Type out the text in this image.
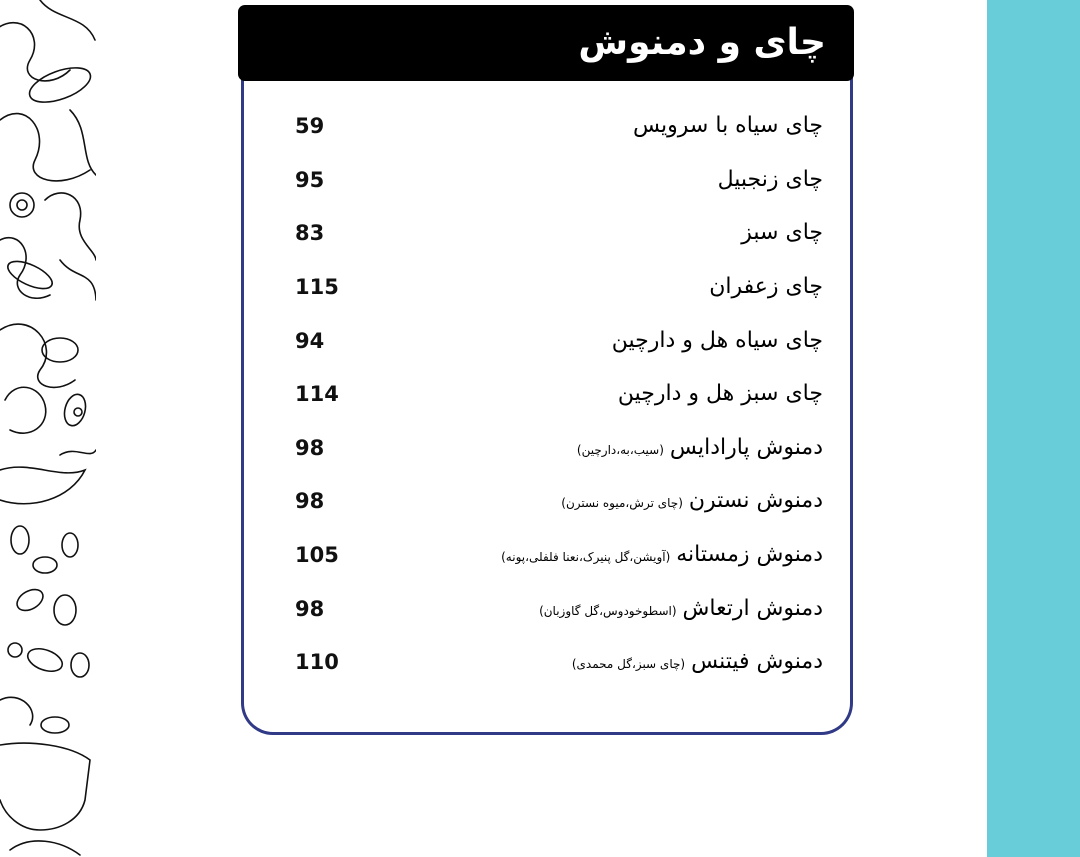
چای سیاه با سرویس
59
چای زنجبیل
95
چای سبز
83
چای زعفران
115
چای سیاه هل و دارچین
94
چای سبز هل و دارچین
114
دمنوش پارادایس(سیب،به،دارچین)
98
دمنوش نسترن(چای ترش،میوه نسترن)
98
دمنوش زمستانه(آویشن،گل پنیرک،نعنا فلفلی،پونه)
105
دمنوش ارتعاش(اسطوخودوس،گل گاوزبان)
98
دمنوش فیتنس(چای سبز،گل محمدی)
110
چای و دمنوش
